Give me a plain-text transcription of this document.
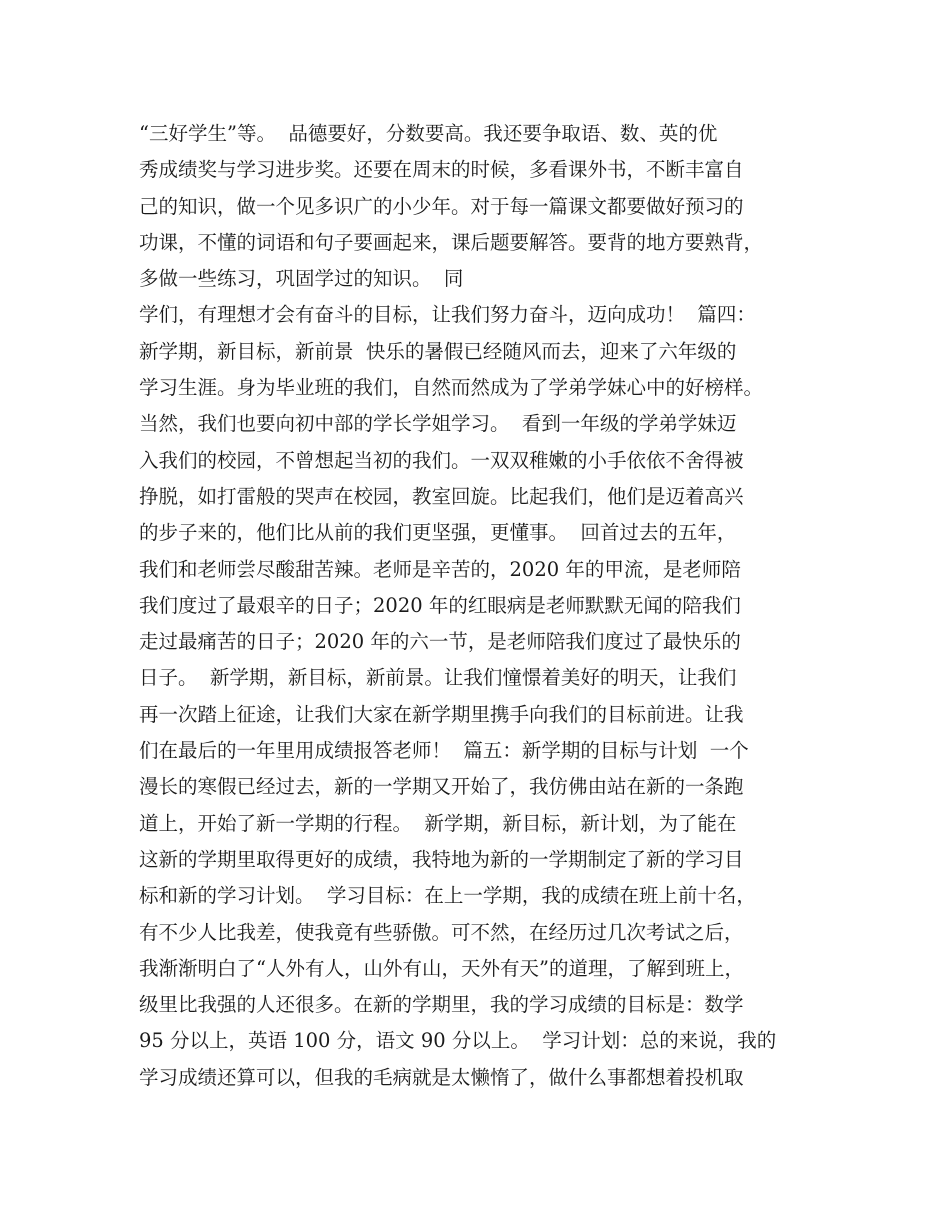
“三好学生”等。  品德要好，分数要高。我还要争取语、数、英的优
秀成绩奖与学习进步奖。还要在周末的时候，多看课外书，不断丰富自
己的知识，做一个见多识广的小少年。对于每一篇课文都要做好预习的
功课，不懂的词语和句子要画起来，课后题要解答。要背的地方要熟背，
多做一些练习，巩固学过的知识。  同
学们，有理想才会有奋斗的目标，让我们努力奋斗，迈向成功！  篇四：
新学期，新目标，新前景  快乐的暑假已经随风而去，迎来了六年级的
学习生涯。身为毕业班的我们，自然而然成为了学弟学妹心中的好榜样。
当然，我们也要向初中部的学长学姐学习。  看到一年级的学弟学妹迈
入我们的校园，不曾想起当初的我们。一双双稚嫩的小手依依不舍得被
挣脱，如打雷般的哭声在校园，教室回旋。比起我们，他们是迈着高兴
的步子来的，他们比从前的我们更坚强，更懂事。  回首过去的五年，
我们和老师尝尽酸甜苦辣。老师是辛苦的，2020 年的甲流，是老师陪
我们度过了最艰辛的日子；2020 年的红眼病是老师默默无闻的陪我们
走过最痛苦的日子；2020 年的六一节，是老师陪我们度过了最快乐的
日子。  新学期，新目标，新前景。让我们憧憬着美好的明天，让我们
再一次踏上征途，让我们大家在新学期里携手向我们的目标前进。让我
们在最后的一年里用成绩报答老师！  篇五：新学期的目标与计划  一个
漫长的寒假已经过去，新的一学期又开始了，我仿佛由站在新的一条跑
道上，开始了新一学期的行程。  新学期，新目标，新计划，为了能在
这新的学期里取得更好的成绩，我特地为新的一学期制定了新的学习目
标和新的学习计划。  学习目标：在上一学期，我的成绩在班上前十名，
有不少人比我差，使我竟有些骄傲。可不然，在经历过几次考试之后，
我渐渐明白了“人外有人，山外有山，天外有天”的道理，了解到班上，
级里比我强的人还很多。在新的学期里，我的学习成绩的目标是：数学
95 分以上，英语 100 分，语文 90 分以上。  学习计划：总的来说，我的
学习成绩还算可以，但我的毛病就是太懒惰了，做什么事都想着投机取
